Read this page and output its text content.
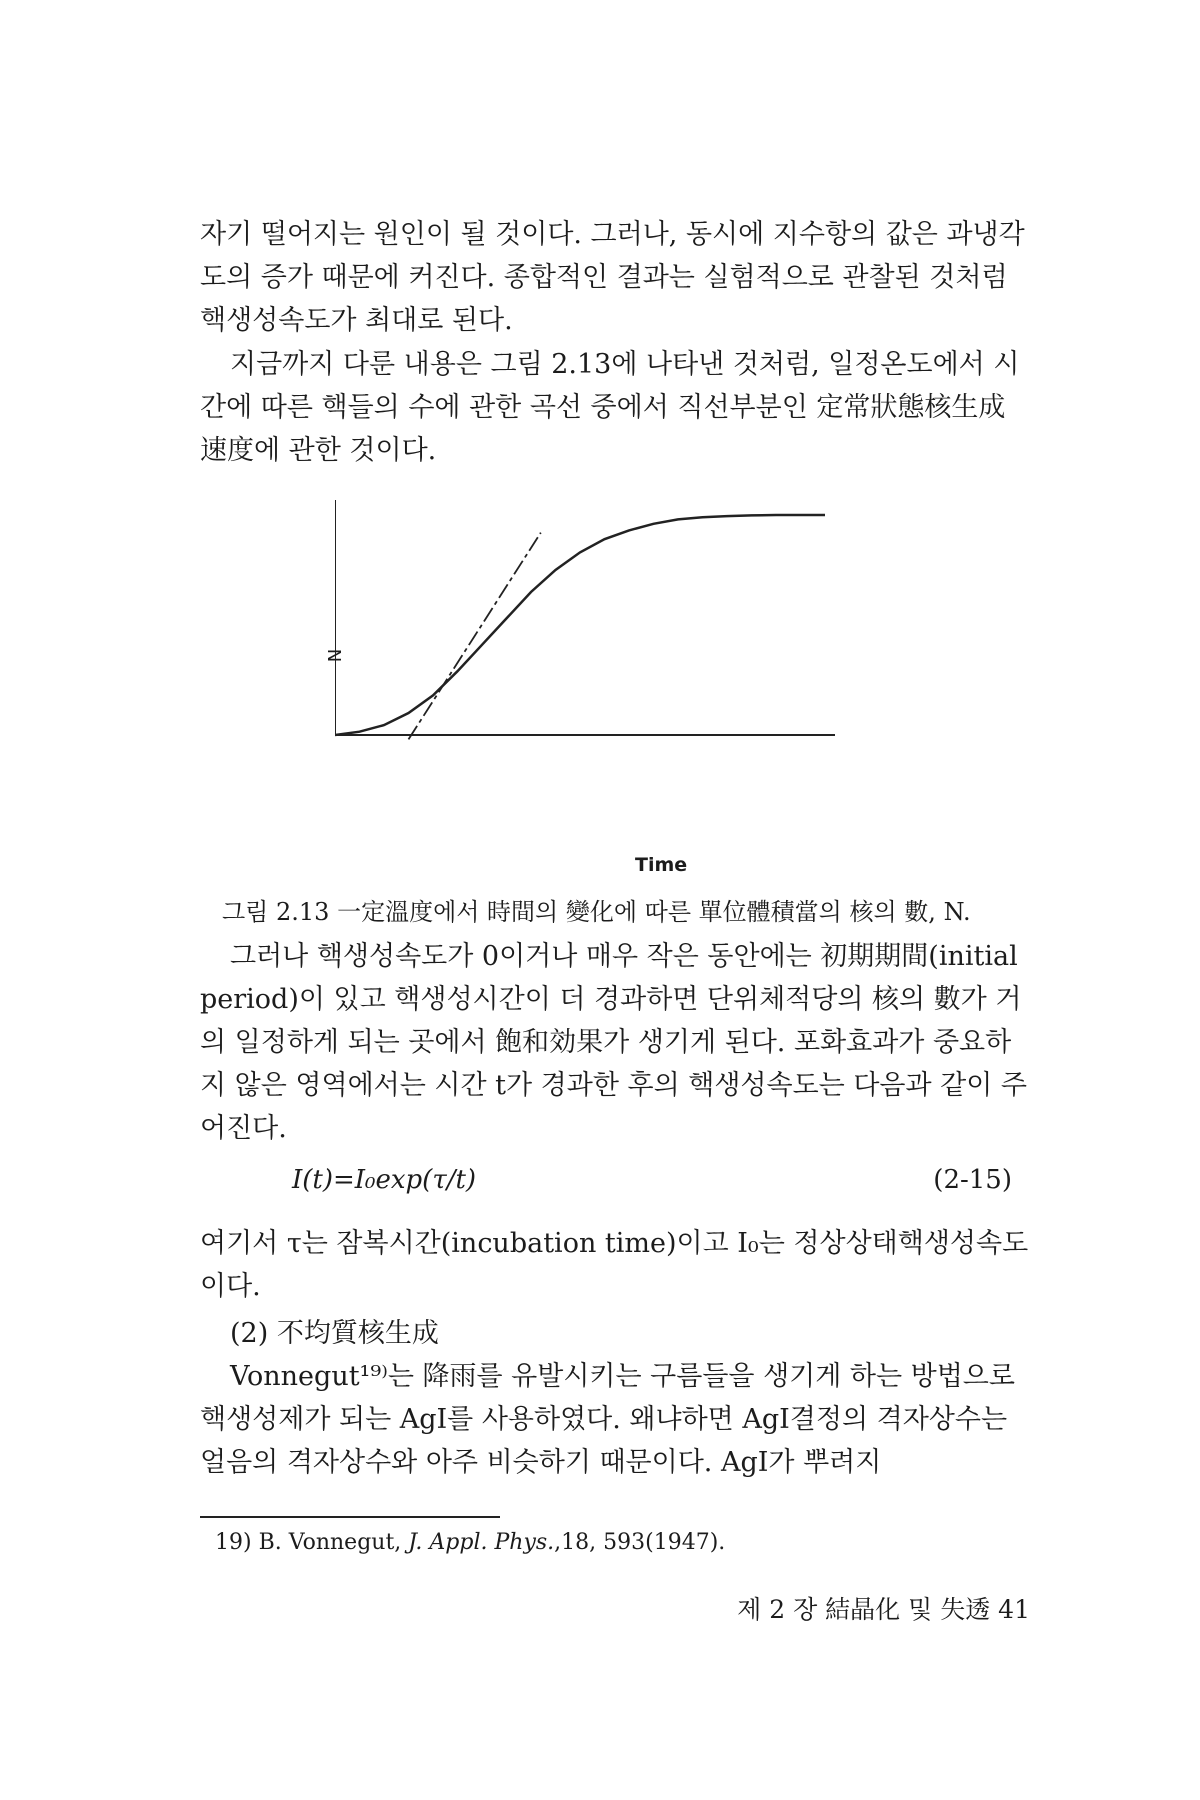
자기 떨어지는 원인이 될 것이다. 그러나, 동시에 지수항의 값은 과냉각도의 증가 때문에 커진다. 종합적인 결과는 실험적으로 관찰된 것처럼 핵생성속도가 최대로 된다.

지금까지 다룬 내용은 그림 2.13에 나타낸 것처럼, 일정온도에서 시간에 따른 핵들의 수에 관한 곡선 중에서 직선부분인 定常狀態核生成速度에 관한 것이다.

N
Time
그림 2.13 一定溫度에서 時間의 變化에 따른 單位體積當의 核의 數, N.

그러나 핵생성속도가 0이거나 매우 작은 동안에는 初期期間(initial period)이 있고 핵생성시간이 더 경과하면 단위체적당의 核의 數가 거의 일정하게 되는 곳에서 飽和効果가 생기게 된다. 포화효과가 중요하지 않은 영역에서는 시간 t가 경과한 후의 핵생성속도는 다음과 같이 주어진다.

I(t)=I₀exp(τ/t)	(2-15)

여기서 τ는 잠복시간(incubation time)이고 I₀는 정상상태핵생성속도이다.

(2) 不均質核生成

Vonnegut¹⁹⁾는 降雨를 유발시키는 구름들을 생기게 하는 방법으로 핵생성제가 되는 AgI를 사용하였다. 왜냐하면 AgI결정의 격자상수는 얼음의 격자상수와 아주 비슷하기 때문이다. AgI가 뿌려지

19) B. Vonnegut, J. Appl. Phys.,18, 593(1947).
제 2 장 結晶化 및 失透 41
